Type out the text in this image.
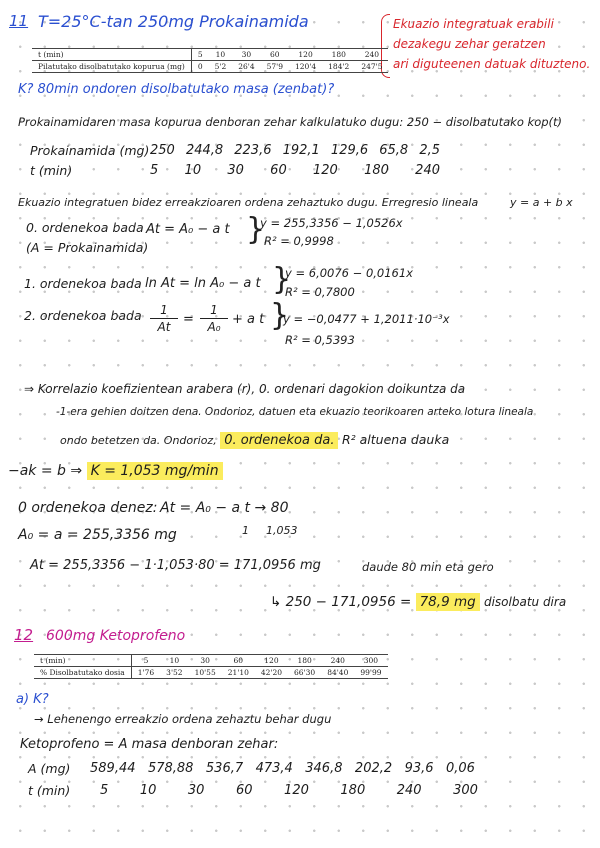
11 T=25°C-tan 250mg Prokainamida	Ekuazio integratuak erabili
dezakegu zehar geratzen
ari diguteenen datuak dituzteno.
t (min)	5	10	30	60	120	180	240
Pilatutako disolbatutako kopurua (mg)	0	5'2	26'4	57'9	120'4	184'2	247'5
K? 80min ondoren disolbatutako masa (zenbat)?
Prokainamidaren masa kopurua denboran zehar kalkulatuko dugu: 250 − disolbatutako kop(t)
Prokainamida (mg) 250 244,8 223,6 192,1 129,6 65,8 2,5
t (min)	5 10 30 60 120 180 240
Ekuazio integratuen bidez erreakzioaren ordena zehaztuko dugu. Erregresio lineala	y = a + b x
0. ordenekoa bada
(A = Prokainamida)
At = A₀ − a t }
y = 255,3356 − 1,0526x
R² = 0,9998
1. ordenekoa bada ln At = ln A₀ − a t }
y = 6,0076 − 0,0161x
R² = 0,7800
2. ordenekoa bada	1
At =
1
A₀ + a t }
y = −0,0477 + 1,2011·10⁻³x
R² = 0,5393
⇒ Korrelazio koefizientean arabera (r), 0. ordenari dagokion doikuntza da
-1-era gehien doitzen dena. Ondorioz, datuen eta ekuazio teorikoaren arteko lotura lineala
ondo betetzen da. Ondorioz, 0. ordenekoa da. R² altuena dauka
−ak = b ⇒ K = 1,053 mg/min
0 ordenekoa denez: At = A₀ − a t → 80
1 1,053
A₀ = a = 255,3356 mg
At = 255,3356 − 1·1,053·80 = 171,0956 mg	daude 80 min eta gero
↳ 250 − 171,0956 = 78,9 mg disolbatu dira
12 600mg Ketoprofeno
t (min)	5	10	30	60	120	180	240	300
% Disolbatutako dosia	1'76	3'52	10'55	21'10	42'20	66'30	84'40	99'99
a) K?
→ Lehenengo erreakzio ordena zehaztu behar dugu
Ketoprofeno = A masa denboran zehar:
A (mg) 589,44 578,88 536,7 473,4 346,8 202,2 93,6 0,06
t (min) 5 10 30 60 120 180 240 300
